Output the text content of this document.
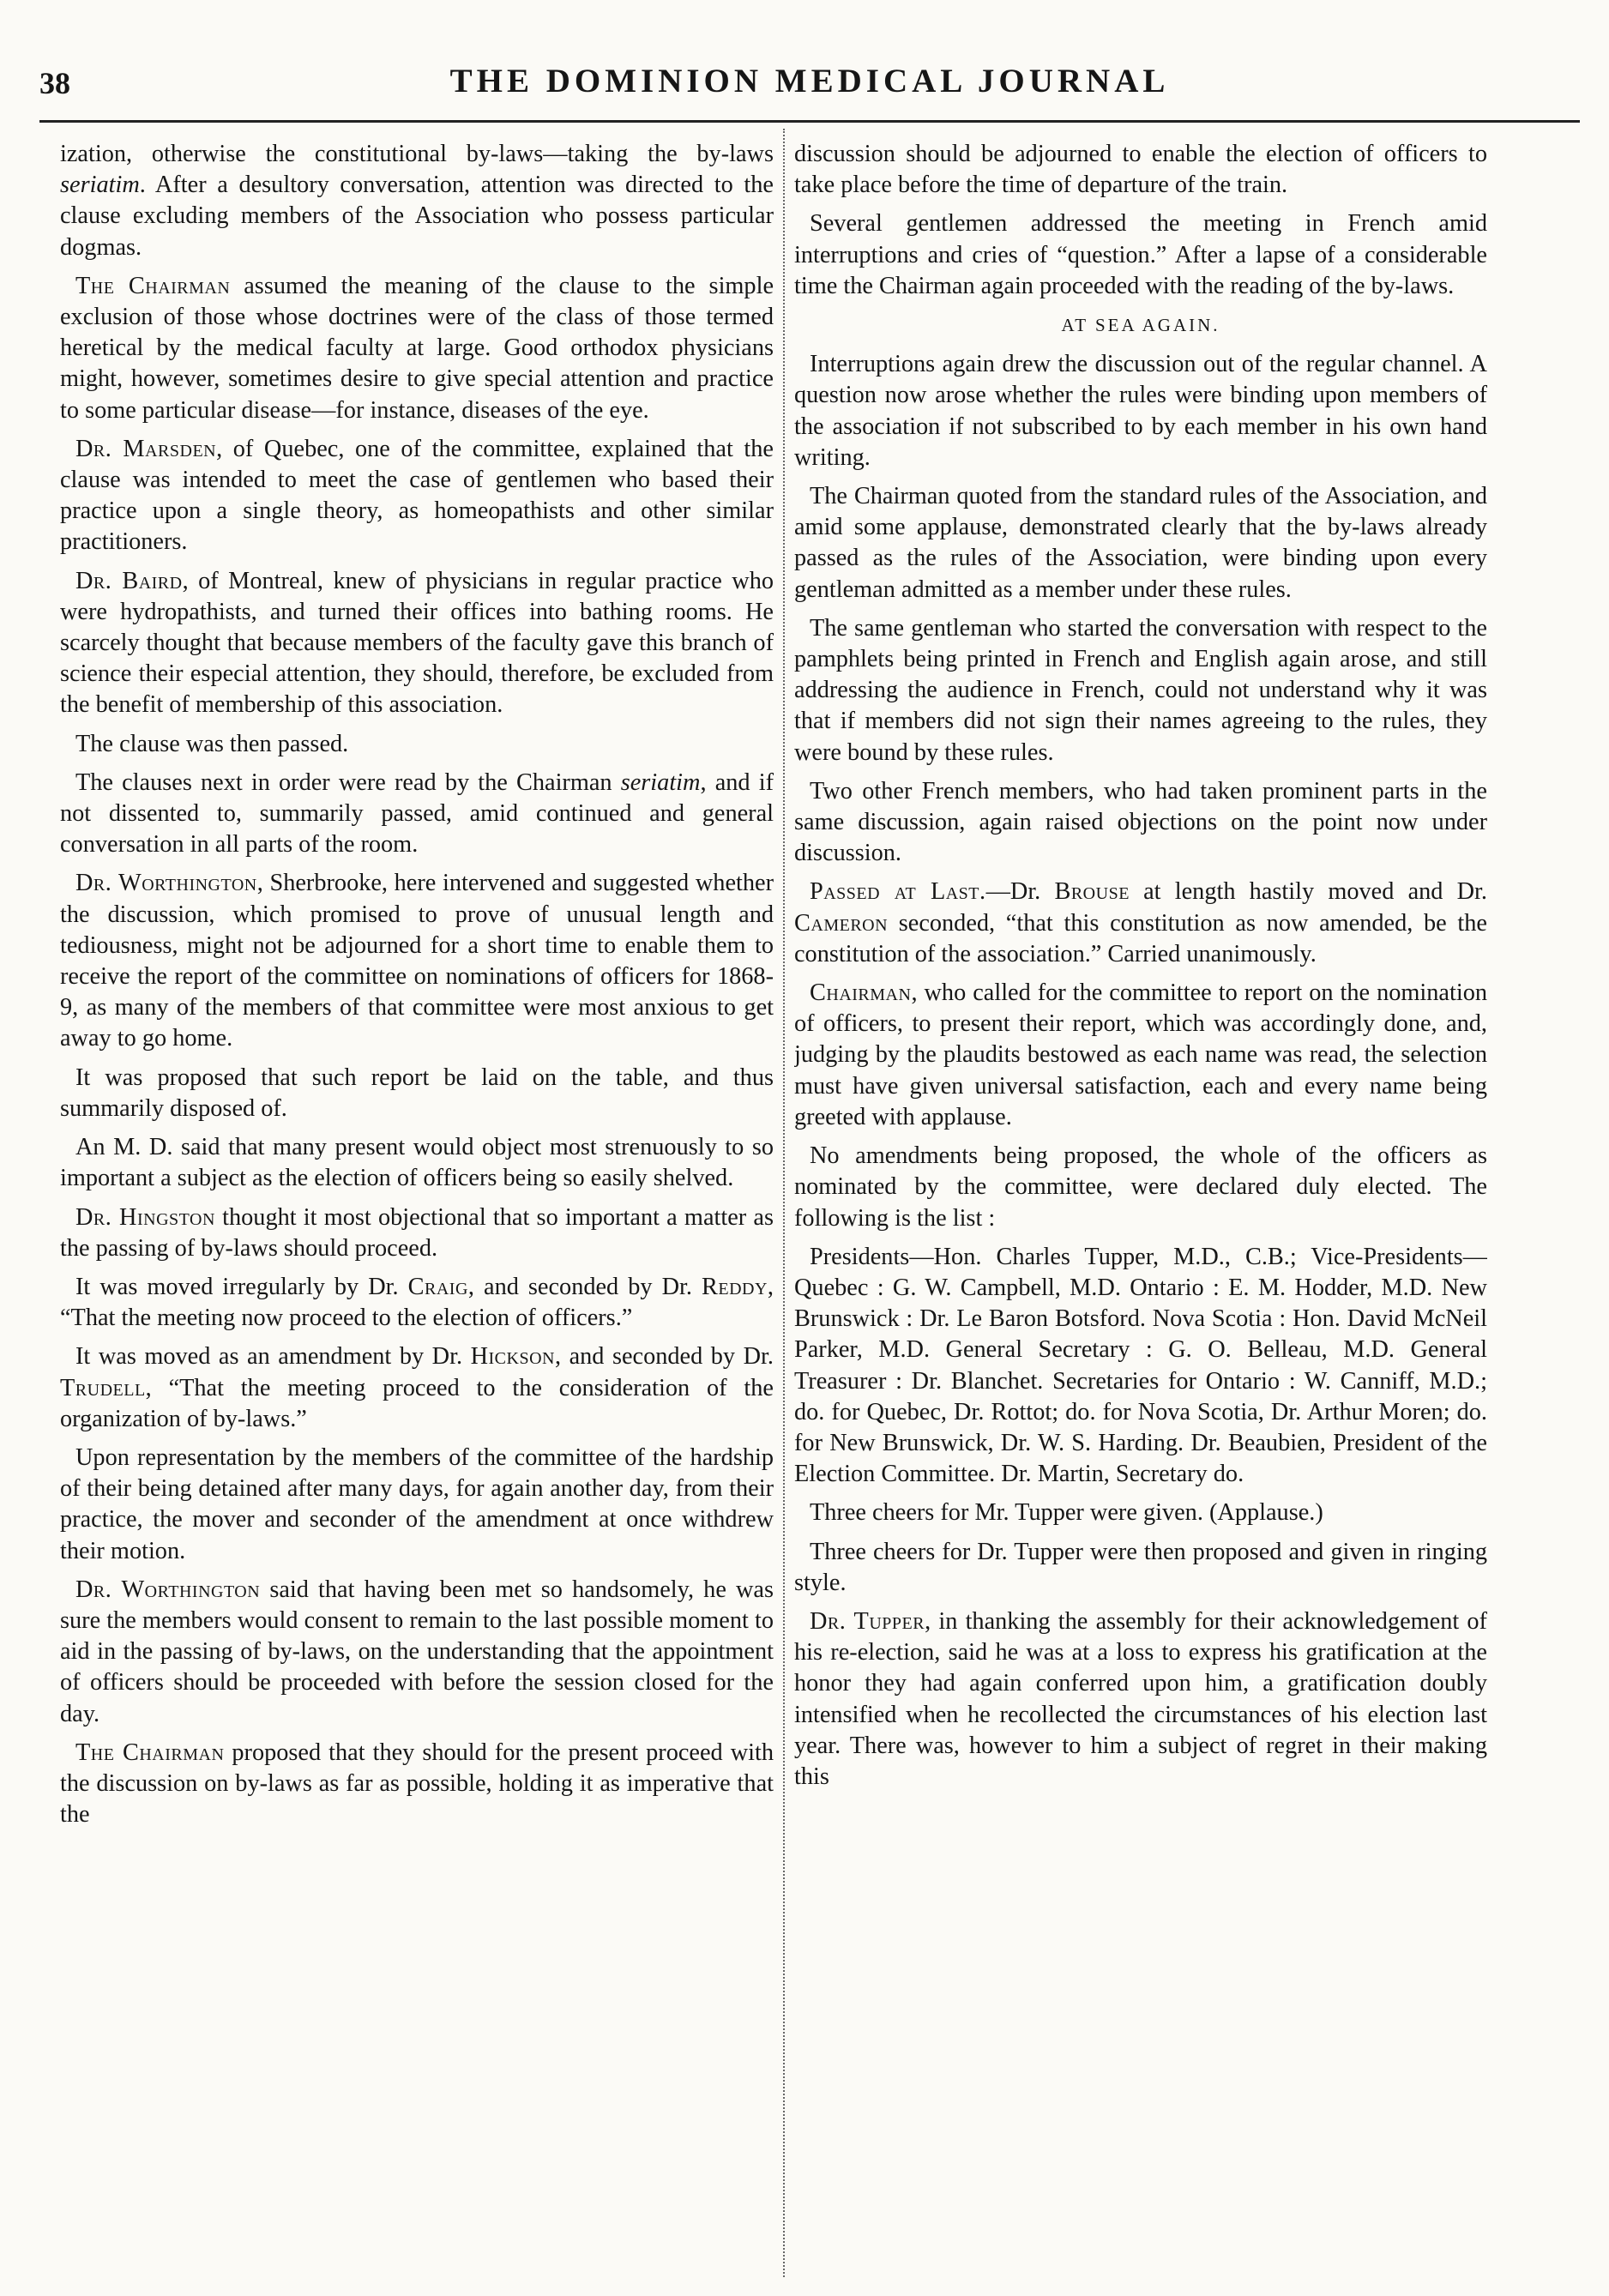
38	THE DOMINION MEDICAL JOURNAL

ization, otherwise the constitutional by-laws—taking the by-laws seriatim. After a desultory conversation, attention was directed to the clause excluding members of the Association who possess particular dogmas.

The Chairman assumed the meaning of the clause to the simple exclusion of those whose doctrines were of the class of those termed heretical by the medical faculty at large. Good orthodox physicians might, however, sometimes desire to give special attention and practice to some particular disease—for instance, diseases of the eye.

Dr. Marsden, of Quebec, one of the committee, explained that the clause was intended to meet the case of gentlemen who based their practice upon a single theory, as homeopathists and other similar practitioners.

Dr. Baird, of Montreal, knew of physicians in regular practice who were hydropathists, and turned their offices into bathing rooms. He scarcely thought that because members of the faculty gave this branch of science their especial attention, they should, therefore, be excluded from the benefit of membership of this association.

The clause was then passed.

The clauses next in order were read by the Chairman seriatim, and if not dissented to, summarily passed, amid continued and general conversation in all parts of the room.

Dr. Worthington, Sherbrooke, here intervened and suggested whether the discussion, which promised to prove of unusual length and tediousness, might not be adjourned for a short time to enable them to receive the report of the committee on nominations of officers for 1868-9, as many of the members of that committee were most anxious to get away to go home.

It was proposed that such report be laid on the table, and thus summarily disposed of.

An M. D. said that many present would object most strenuously to so important a subject as the election of officers being so easily shelved.

Dr. Hingston thought it most objectional that so important a matter as the passing of by-laws should proceed.

It was moved irregularly by Dr. Craig, and seconded by Dr. Reddy, “That the meeting now proceed to the election of officers.”

It was moved as an amendment by Dr. Hickson, and seconded by Dr. Trudell, “That the meeting proceed to the consideration of the organization of by-laws.”

Upon representation by the members of the committee of the hardship of their being detained after many days, for again another day, from their practice, the mover and seconder of the amendment at once withdrew their motion.

Dr. Worthington said that having been met so handsomely, he was sure the members would consent to remain to the last possible moment to aid in the passing of by-laws, on the understanding that the appointment of officers should be proceeded with before the session closed for the day.

The Chairman proposed that they should for the present proceed with the discussion on by-laws as far as possible, holding it as imperative that the

discussion should be adjourned to enable the election of officers to take place before the time of departure of the train.

Several gentlemen addressed the meeting in French amid interruptions and cries of “question.” After a lapse of a considerable time the Chairman again proceeded with the reading of the by-laws.

AT SEA AGAIN.

Interruptions again drew the discussion out of the regular channel. A question now arose whether the rules were binding upon members of the association if not subscribed to by each member in his own hand writing.

The Chairman quoted from the standard rules of the Association, and amid some applause, demonstrated clearly that the by-laws already passed as the rules of the Association, were binding upon every gentleman admitted as a member under these rules.

The same gentleman who started the conversation with respect to the pamphlets being printed in French and English again arose, and still addressing the audience in French, could not understand why it was that if members did not sign their names agreeing to the rules, they were bound by these rules.

Two other French members, who had taken prominent parts in the same discussion, again raised objections on the point now under discussion.

Passed at Last.—Dr. Brouse at length hastily moved and Dr. Cameron seconded, “that this constitution as now amended, be the constitution of the association.” Carried unanimously.

Chairman, who called for the committee to report on the nomination of officers, to present their report, which was accordingly done, and, judging by the plaudits bestowed as each name was read, the selection must have given universal satisfaction, each and every name being greeted with applause.

No amendments being proposed, the whole of the officers as nominated by the committee, were declared duly elected. The following is the list :

Presidents—Hon. Charles Tupper, M.D., C.B.; Vice-Presidents—Quebec : G. W. Campbell, M.D. Ontario : E. M. Hodder, M.D. New Brunswick : Dr. Le Baron Botsford. Nova Scotia : Hon. David McNeil Parker, M.D. General Secretary : G. O. Belleau, M.D. General Treasurer : Dr. Blanchet. Secretaries for Ontario : W. Canniff, M.D.; do. for Quebec, Dr. Rottot; do. for Nova Scotia, Dr. Arthur Moren; do. for New Brunswick, Dr. W. S. Harding. Dr. Beaubien, President of the Election Committee. Dr. Martin, Secretary do.

Three cheers for Mr. Tupper were given. (Applause.)

Three cheers for Dr. Tupper were then proposed and given in ringing style.

Dr. Tupper, in thanking the assembly for their acknowledgement of his re-election, said he was at a loss to express his gratification at the honor they had again conferred upon him, a gratification doubly intensified when he recollected the circumstances of his election last year. There was, however to him a subject of regret in their making this
